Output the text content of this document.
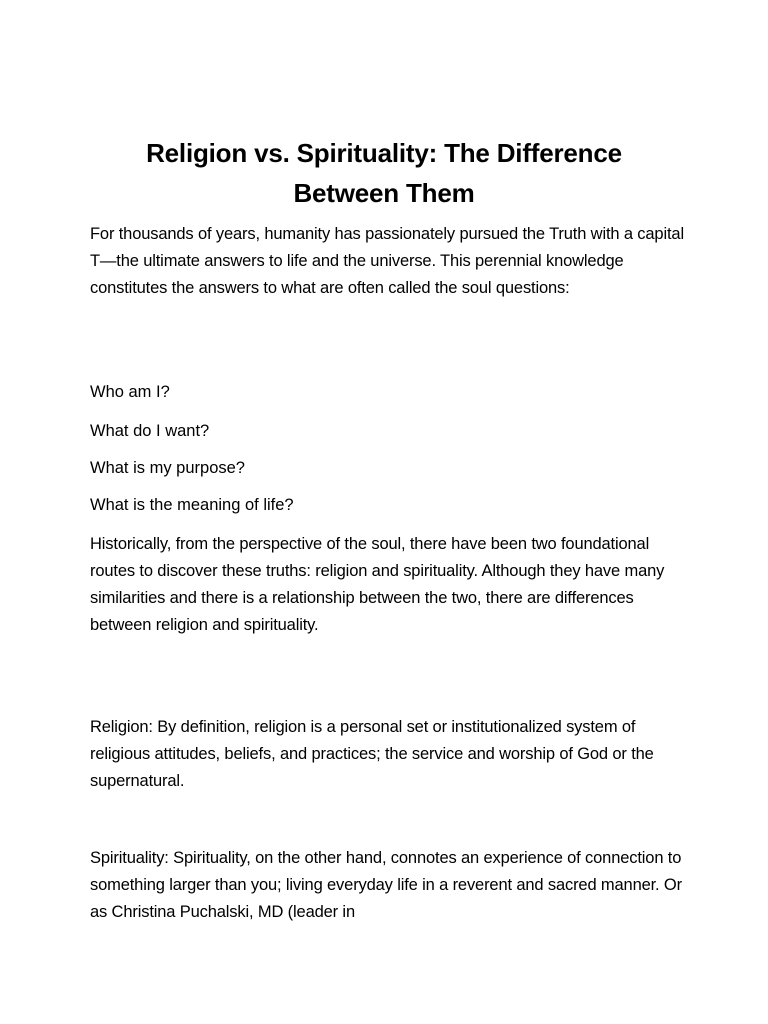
Religion vs. Spirituality: The Difference Between Them

For thousands of years, humanity has passionately pursued the Truth with a capital T—the ultimate answers to life and the universe. This perennial knowledge constitutes the answers to what are often called the soul questions:

Who am I?

What do I want?

What is my purpose?

What is the meaning of life?

Historically, from the perspective of the soul, there have been two foundational routes to discover these truths: religion and spirituality. Although they have many similarities and there is a relationship between the two, there are differences between religion and spirituality.

Religion: By definition, religion is a personal set or institutionalized system of religious attitudes, beliefs, and practices; the service and worship of God or the supernatural.

Spirituality: Spirituality, on the other hand, connotes an experience of connection to something larger than you; living everyday life in a reverent and sacred manner. Or as Christina Puchalski, MD (leader in
